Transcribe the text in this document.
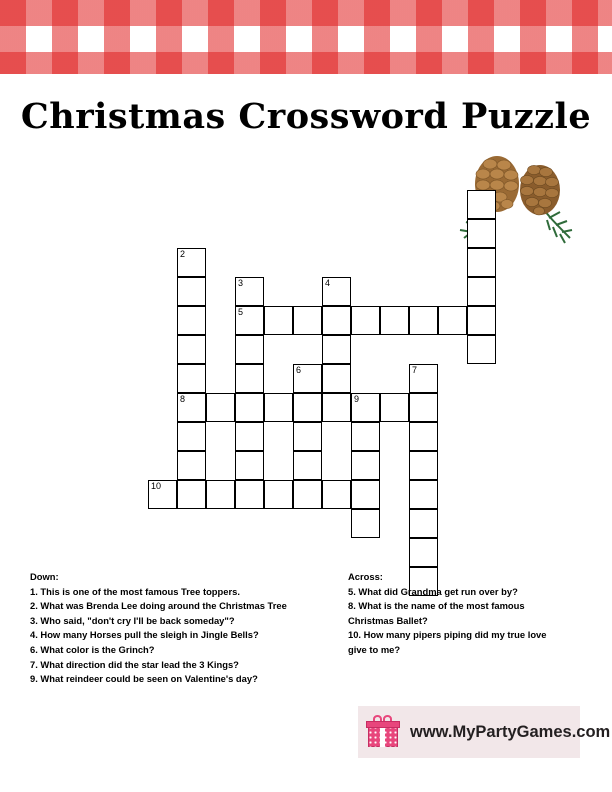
Christmas Crossword Puzzle
2
3	4
5
6	7
8	9
10
Down:
1. This is one of the most famous Tree toppers.
2. What was Brenda Lee doing around the Christmas Tree
3. Who said, "don't cry I'll be back someday"?
4. How many Horses pull the sleigh in Jingle Bells?
6. What color is the Grinch?
7. What direction did the star lead the 3 Kings?
9. What reindeer could be seen on Valentine's day?
Across:
5. What did Grandma get run over by?
8. What is the name of the most famous
Christmas Ballet?
10. How many pipers piping did my true love
give to me?
www.MyPartyGames.com
